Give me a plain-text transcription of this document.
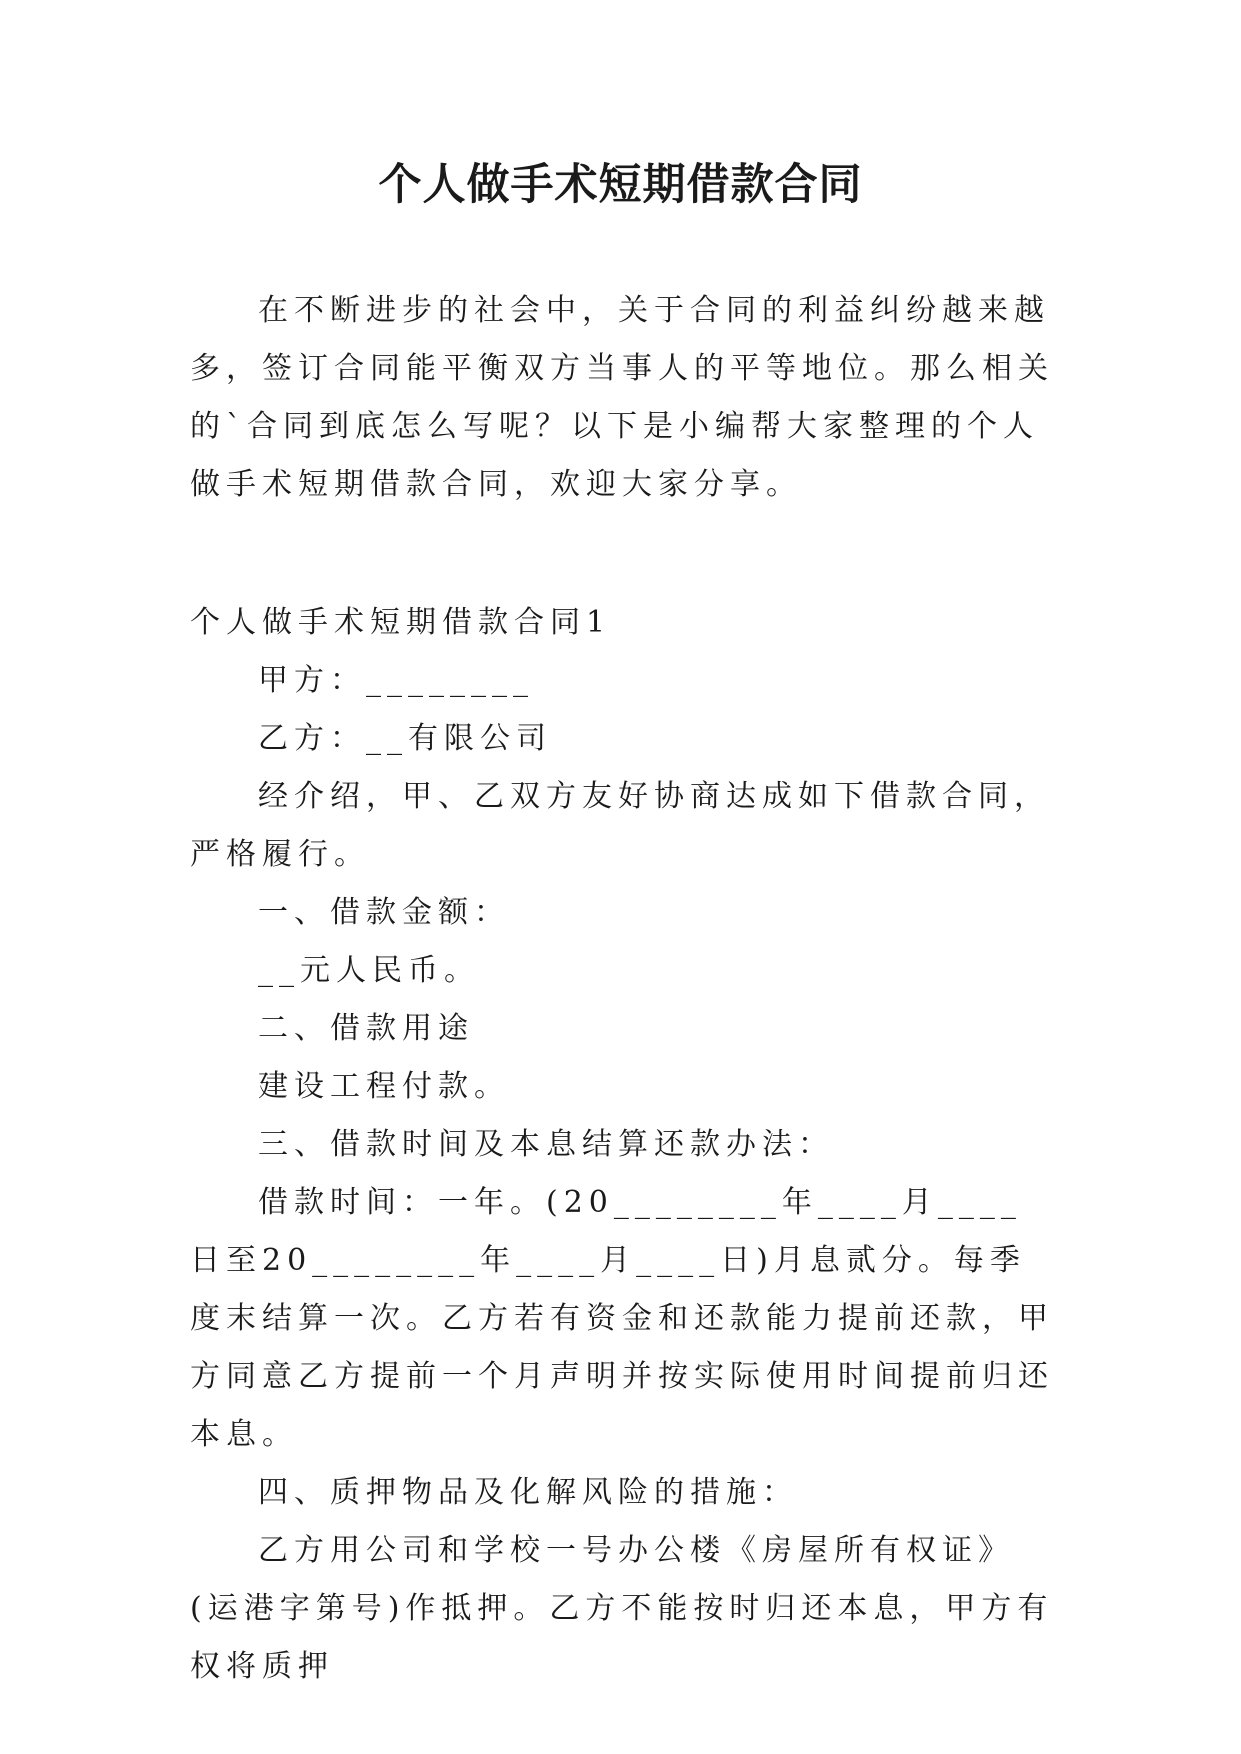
个人做手术短期借款合同

在不断进步的社会中，关于合同的利益纠纷越来越多，签订合同能平衡双方当事人的平等地位。那么相关的`合同到底怎么写呢？以下是小编帮大家整理的个人做手术短期借款合同，欢迎大家分享。

个人做手术短期借款合同1

甲方：________

乙方：__有限公司

经介绍，甲、乙双方友好协商达成如下借款合同，严格履行。

一、借款金额：

__元人民币。

二、借款用途

建设工程付款。

三、借款时间及本息结算还款办法：

借款时间：一年。(20________年____月____日至20________年____月____日)月息贰分。每季度末结算一次。乙方若有资金和还款能力提前还款，甲方同意乙方提前一个月声明并按实际使用时间提前归还本息。

四、质押物品及化解风险的措施：

乙方用公司和学校一号办公楼《房屋所有权证》(运港字第号)作抵押。乙方不能按时归还本息，甲方有权将质押
